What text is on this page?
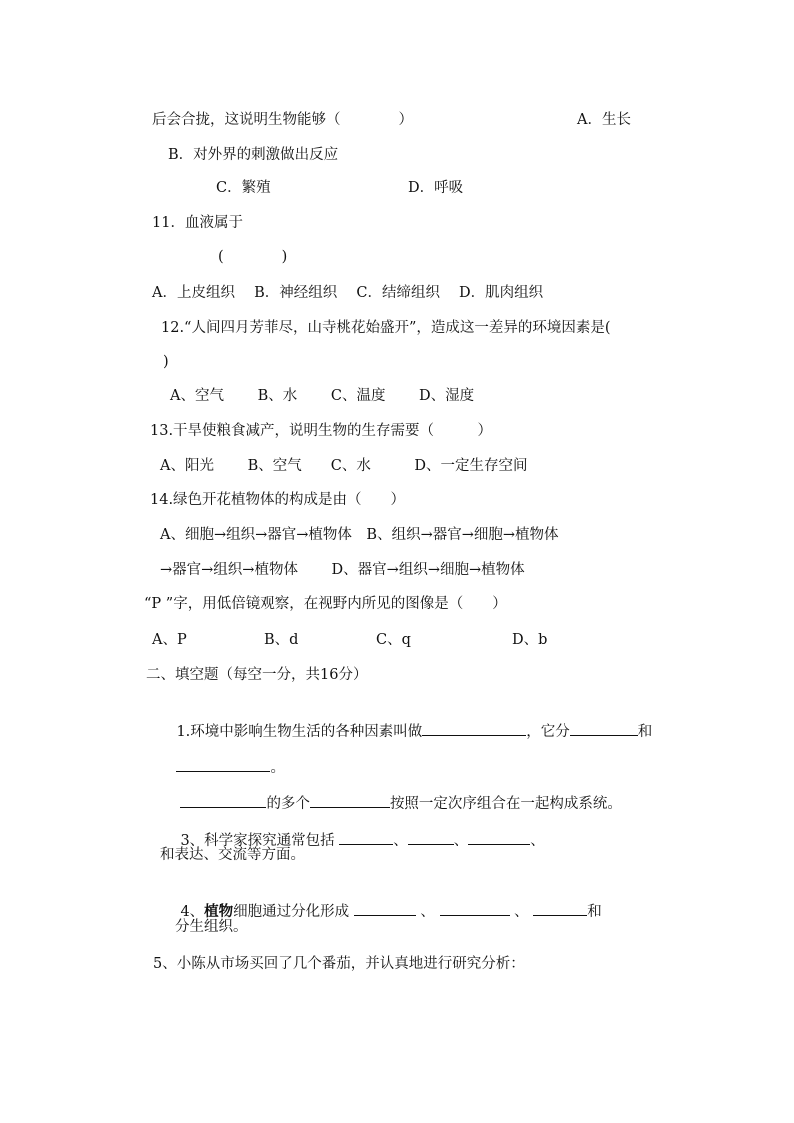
后会合拢，这说明生物能够（　　　　）	A．生长
B．对外界的刺激做出反应
C．繁殖	D．呼吸
11．血液属于
(　　　　)
A．上皮组织　 B．神经组织　 C．结缔组织　 D．肌肉组织
12.“人间四月芳菲尽，山寺桃花始盛开”，造成这一差异的环境因素是(
)
A、空气　　 B、水　　 C、温度　　 D、湿度
13.干旱使粮食减产，说明生物的生存需要（　　　）
A、阳光　　 B、空气　　C、水　　　D、一定生存空间
14.绿色开花植物体的构成是由（　　）
A、细胞→组织→器官→植物体　B、组织→器官→细胞→植物体
→器官→组织→植物体　　 D、器官→组织→细胞→植物体
“P ”字，用低倍镜观察，在视野内所见的图像是（　　）
A、P	B、d	C、q	D、b
二、填空题（每空一分，共16分）

1.环境中影响生物生活的各种因素叫做	，它分	和

。

的多个	按照一定次序组合在一起构成系统。

3、科学家探究通常包括	、	、	、

和表达、交流等方面。

4、植物细胞通过分化形成	、	、	和

分生组织。
5、小陈从市场买回了几个番茄，并认真地进行研究分析：
